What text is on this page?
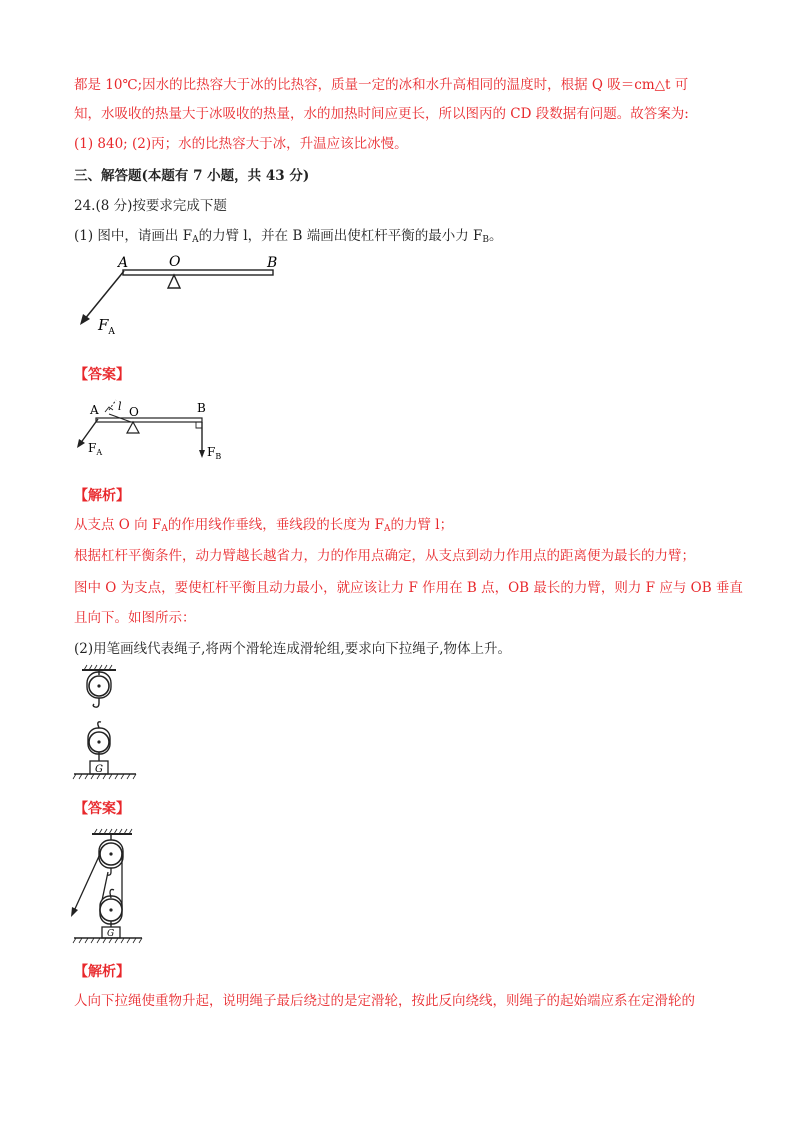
都是 10℃;因水的比热容大于冰的比热容，质量一定的冰和水升高相同的温度时，根据 Q 吸＝cm△t 可
知，水吸收的热量大于冰吸收的热量，水的加热时间应更长，所以图丙的 CD 段数据有问题。故答案为:
(1) 840; (2)丙；水的比热容大于冰，升温应该比冰慢。
三、解答题(本题有 7 小题，共 43 分)
24.(8 分)按要求完成下题
(1) 图中，请画出 $F_A$的力臂 l，并在 B 端画出使杠杆平衡的最小力 $F_B$。
A	O	B
$F_A$
【答案】
A l O	B
$F_A$	$F_B$
【解析】
从支点 O 向 $F_A$的作用线作垂线，垂线段的长度为 $F_A$的力臂 l；
根据杠杆平衡条件，动力臂越长越省力，力的作用点确定，从支点到动力作用点的距离便为最长的力臂；
图中 O 为支点，要使杠杆平衡且动力最小，就应该让力 F 作用在 B 点，OB 最长的力臂，则力 F 应与 OB 垂直
且向下。如图所示：
(2)用笔画线代表绳子,将两个滑轮连成滑轮组,要求向下拉绳子,物体上升。
G
【答案】
G
【解析】
人向下拉绳使重物升起，说明绳子最后绕过的是定滑轮，按此反向绕线，则绳子的起始端应系在定滑轮的
